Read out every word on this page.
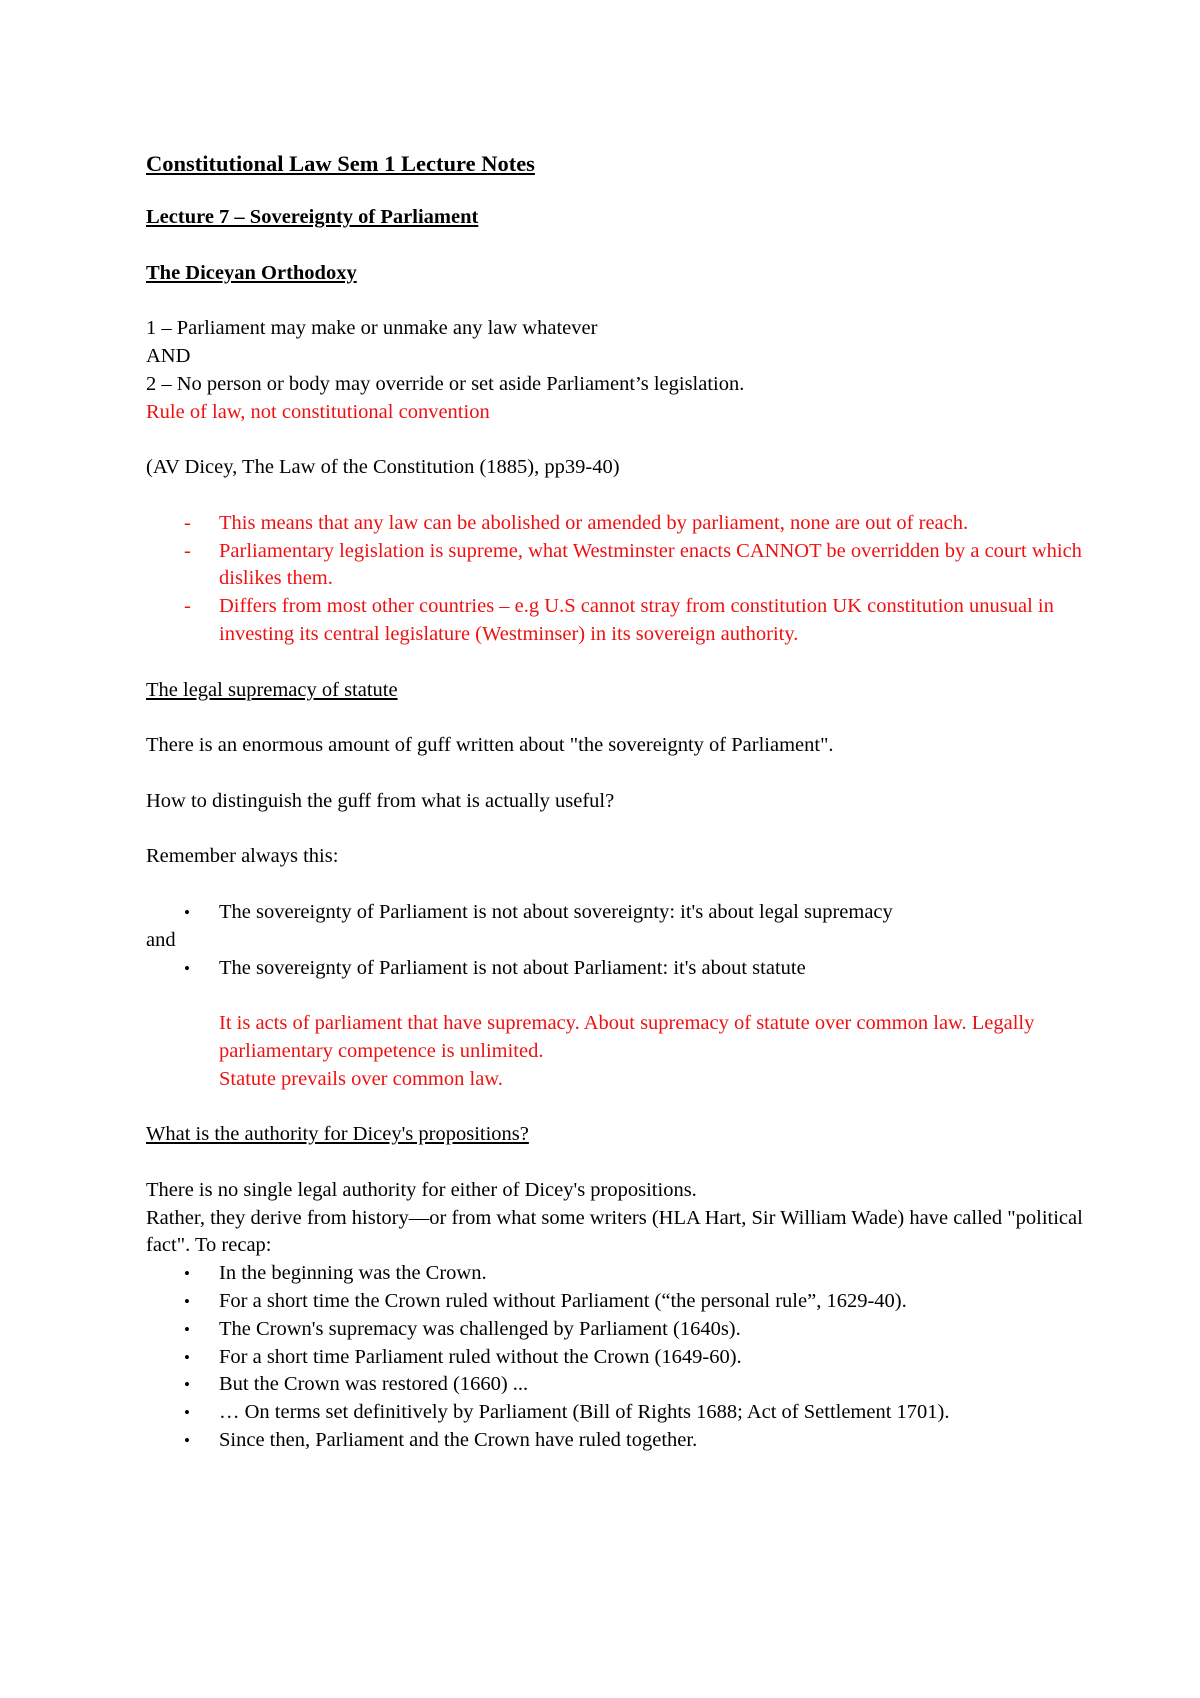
Constitutional Law Sem 1 Lecture Notes
Lecture 7 – Sovereignty of Parliament
The Diceyan Orthodoxy
1 – Parliament may make or unmake any law whatever
AND
2 – No person or body may override or set aside Parliament’s legislation.
Rule of law, not constitutional convention
(AV Dicey, The Law of the Constitution (1885), pp39-40)
- This means that any law can be abolished or amended by parliament, none are out of reach.
- Parliamentary legislation is supreme, what Westminster enacts CANNOT be overridden by a court which dislikes them.
- Differs from most other countries – e.g U.S cannot stray from constitution UK constitution unusual in investing its central legislature (Westminser) in its sovereign authority.
The legal supremacy of statute
There is an enormous amount of guff written about "the sovereignty of Parliament".
How to distinguish the guff from what is actually useful?
Remember always this:
• The sovereignty of Parliament is not about sovereignty: it's about legal supremacy
and
• The sovereignty of Parliament is not about Parliament: it's about statute
It is acts of parliament that have supremacy. About supremacy of statute over common law. Legally parliamentary competence is unlimited.
Statute prevails over common law.
What is the authority for Dicey's propositions?
There is no single legal authority for either of Dicey's propositions.
Rather, they derive from history—or from what some writers (HLA Hart, Sir William Wade) have called "political fact". To recap:
• In the beginning was the Crown.
• For a short time the Crown ruled without Parliament (“the personal rule”, 1629-40).
• The Crown's supremacy was challenged by Parliament (1640s).
• For a short time Parliament ruled without the Crown (1649-60).
• But the Crown was restored (1660) ...
• … On terms set definitively by Parliament (Bill of Rights 1688; Act of Settlement 1701).
• Since then, Parliament and the Crown have ruled together.
